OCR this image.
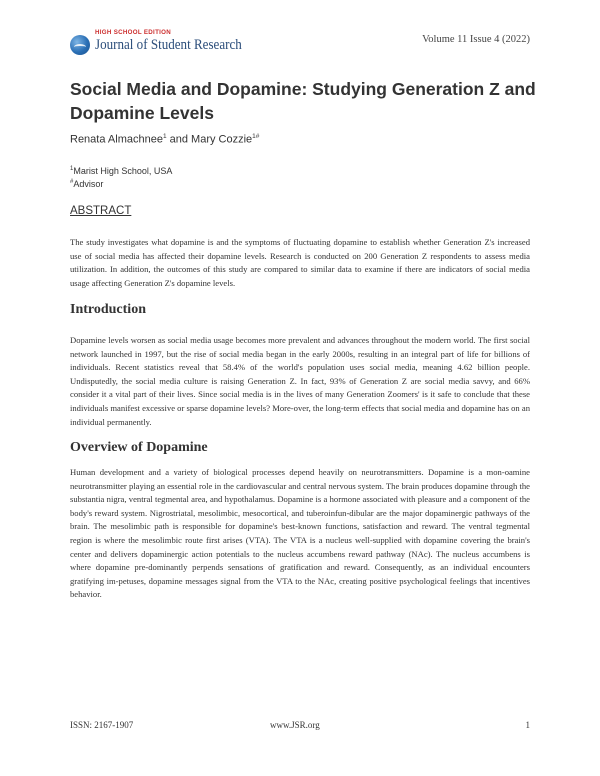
HIGH SCHOOL EDITION
Journal of Student Research	Volume 11 Issue 4 (2022)
Social Media and Dopamine: Studying Generation Z and Dopamine Levels
Renata Almachnee$^1$ and Mary Cozzie$^{1\#}$
$^1$Marist High School, USA
#Advisor
ABSTRACT
The study investigates what dopamine is and the symptoms of fluctuating dopamine to establish whether Generation Z's increased use of social media has affected their dopamine levels. Research is conducted on 200 Generation Z respondents to assess media utilization. In addition, the outcomes of this study are compared to similar data to examine if there are indicators of social media usage affecting Generation Z's dopamine levels.
Introduction
Dopamine levels worsen as social media usage becomes more prevalent and advances throughout the modern world. The first social network launched in 1997, but the rise of social media began in the early 2000s, resulting in an integral part of life for billions of individuals. Recent statistics reveal that 58.4% of the world's population uses social media, meaning 4.62 billion people. Undisputedly, the social media culture is raising Generation Z. In fact, 93% of Generation Z are social media savvy, and 66% consider it a vital part of their lives. Since social media is in the lives of many Generation Zoomers' is it safe to conclude that these individuals manifest excessive or sparse dopamine levels? More-over, the long-term effects that social media and dopamine has on an individual permanently.
Overview of Dopamine
Human development and a variety of biological processes depend heavily on neurotransmitters. Dopamine is a mon-oamine neurotransmitter playing an essential role in the cardiovascular and central nervous system. The brain produces dopamine through the substantia nigra, ventral tegmental area, and hypothalamus. Dopamine is a hormone associated with pleasure and a component of the body's reward system. Nigrostriatal, mesolimbic, mesocortical, and tuberoinfun-dibular are the major dopaminergic pathways of the brain. The mesolimbic path is responsible for dopamine's best-known functions, satisfaction and reward. The ventral tegmental region is where the mesolimbic route first arises (VTA). The VTA is a nucleus well-supplied with dopamine covering the brain's center and delivers dopaminergic action potentials to the nucleus accumbens reward pathway (NAc). The nucleus accumbens is where dopamine pre-dominantly perpends sensations of gratification and reward. Consequently, as an individual encounters gratifying im-petuses, dopamine messages signal from the VTA to the NAc, creating positive psychological feelings that incentives behavior.
ISSN: 2167-1907	www.JSR.org	1
